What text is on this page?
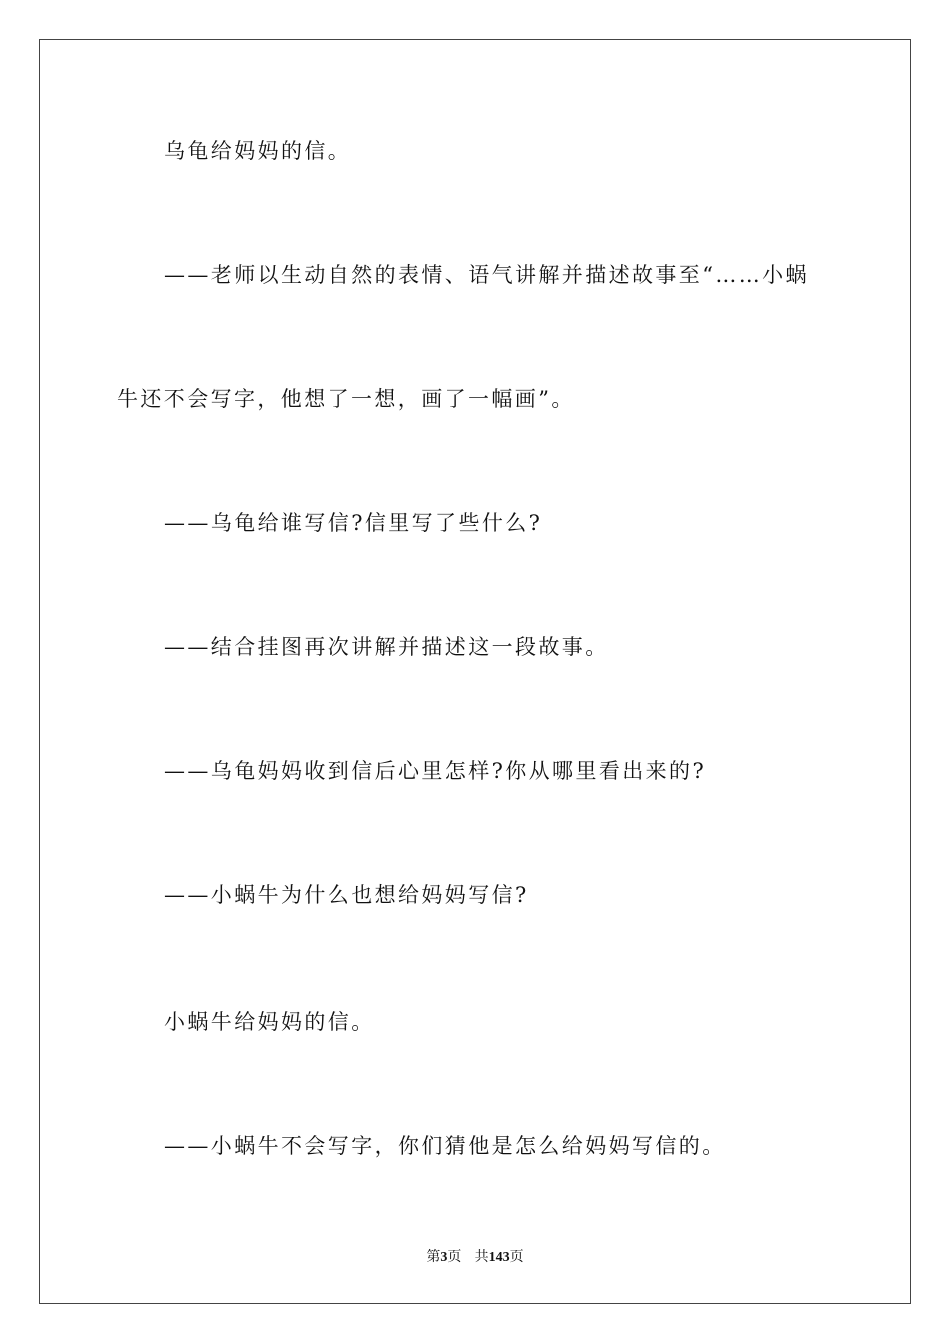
乌龟给妈妈的信。
——老师以生动自然的表情、语气讲解并描述故事至“……小蜗
牛还不会写字，他想了一想，画了一幅画”。
——乌龟给谁写信?信里写了些什么?
——结合挂图再次讲解并描述这一段故事。
——乌龟妈妈收到信后心里怎样?你从哪里看出来的?
——小蜗牛为什么也想给妈妈写信?
小蜗牛给妈妈的信。
——小蜗牛不会写字，你们猜他是怎么给妈妈写信的。
第3页 共143页
